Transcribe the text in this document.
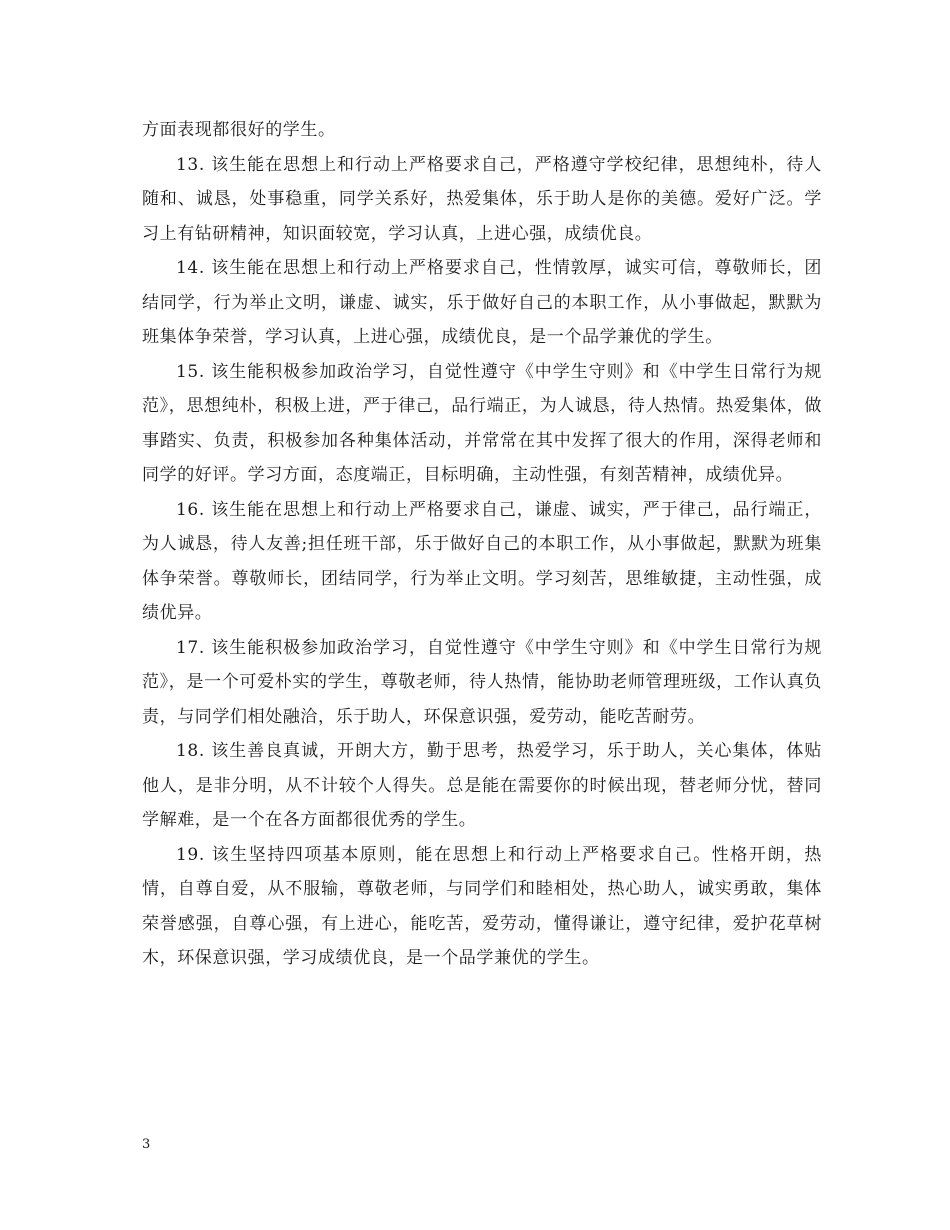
方面表现都很好的学生。

13. 该生能在思想上和行动上严格要求自己，严格遵守学校纪律，思想纯朴，待人随和、诚恳，处事稳重，同学关系好，热爱集体，乐于助人是你的美德。爱好广泛。学习上有钻研精神，知识面较宽，学习认真，上进心强，成绩优良。

14. 该生能在思想上和行动上严格要求自己，性情敦厚，诚实可信，尊敬师长，团结同学，行为举止文明，谦虚、诚实，乐于做好自己的本职工作，从小事做起，默默为班集体争荣誉，学习认真，上进心强，成绩优良，是一个品学兼优的学生。

15. 该生能积极参加政治学习，自觉性遵守《中学生守则》和《中学生日常行为规范》，思想纯朴，积极上进，严于律己，品行端正，为人诚恳，待人热情。热爱集体，做事踏实、负责，积极参加各种集体活动，并常常在其中发挥了很大的作用，深得老师和同学的好评。学习方面，态度端正，目标明确，主动性强，有刻苦精神，成绩优异。

16. 该生能在思想上和行动上严格要求自己，谦虚、诚实，严于律己，品行端正，为人诚恳，待人友善;担任班干部，乐于做好自己的本职工作，从小事做起，默默为班集体争荣誉。尊敬师长，团结同学，行为举止文明。学习刻苦，思维敏捷，主动性强，成绩优异。

17. 该生能积极参加政治学习，自觉性遵守《中学生守则》和《中学生日常行为规范》，是一个可爱朴实的学生，尊敬老师，待人热情，能协助老师管理班级，工作认真负责，与同学们相处融洽，乐于助人，环保意识强，爱劳动，能吃苦耐劳。

18. 该生善良真诚，开朗大方，勤于思考，热爱学习，乐于助人，关心集体，体贴他人，是非分明，从不计较个人得失。总是能在需要你的时候出现，替老师分忧，替同学解难，是一个在各方面都很优秀的学生。

19. 该生坚持四项基本原则，能在思想上和行动上严格要求自己。性格开朗，热情，自尊自爱，从不服输，尊敬老师，与同学们和睦相处，热心助人，诚实勇敢，集体荣誉感强，自尊心强，有上进心，能吃苦，爱劳动，懂得谦让，遵守纪律，爱护花草树木，环保意识强，学习成绩优良，是一个品学兼优的学生。

3
